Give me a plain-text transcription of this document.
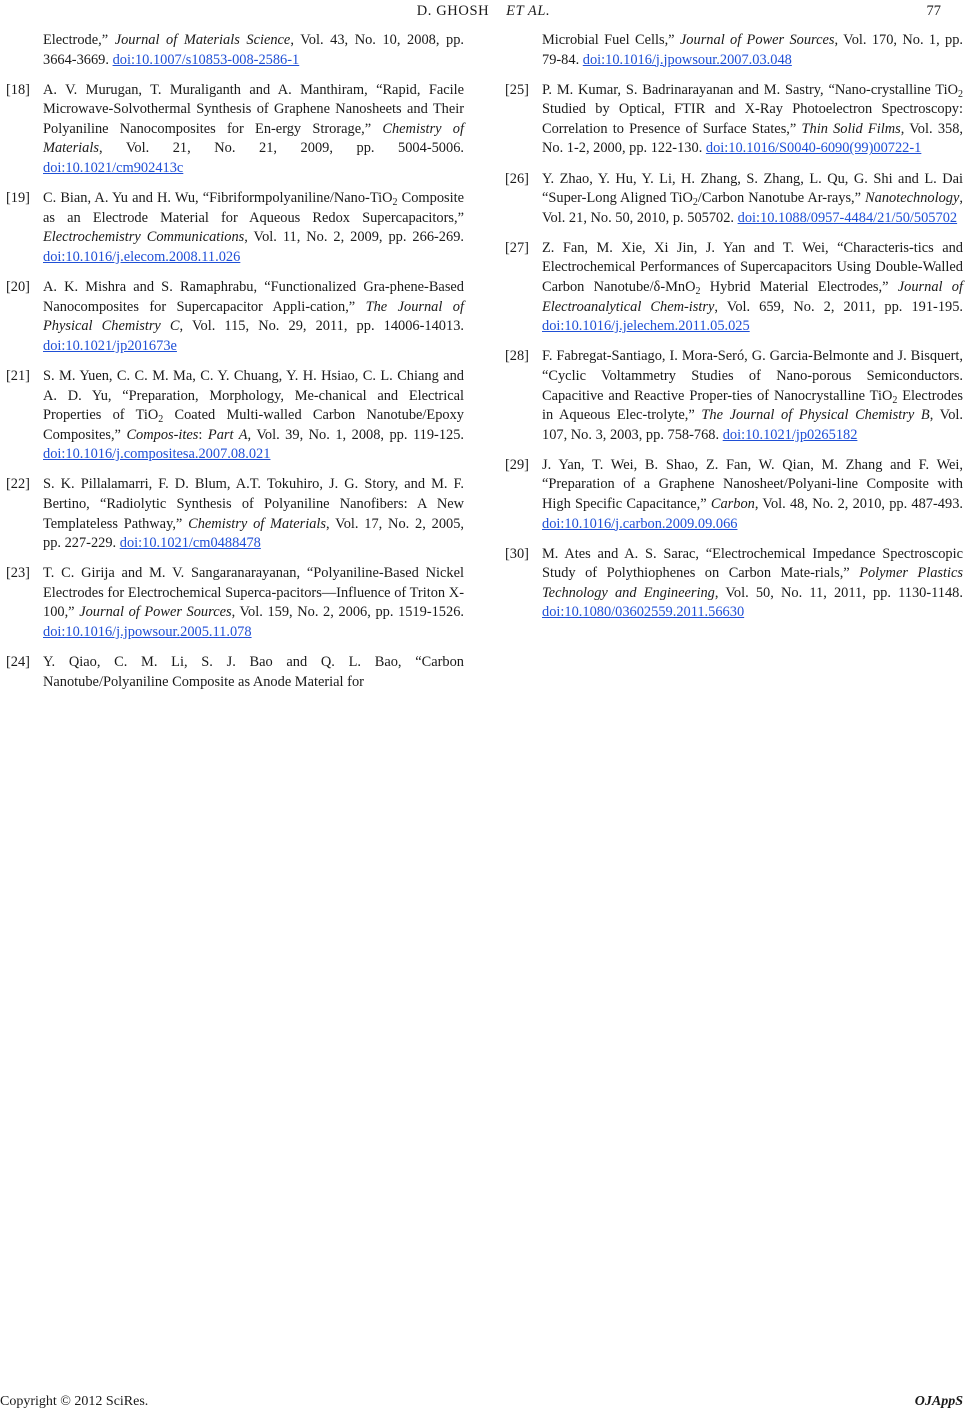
D. GHOSH ET AL.	77
Electrode,” Journal of Materials Science, Vol. 43, No. 10, 2008, pp. 3664-3669. doi:10.1007/s10853-008-2586-1
[18] A. V. Murugan, T. Muraliganth and A. Manthiram, “Rapid, Facile Microwave-Solvothermal Synthesis of Graphene Nanosheets and Their Polyaniline Nanocomposites for En-ergy Strorage,” Chemistry of Materials, Vol. 21, No. 21, 2009, pp. 5004-5006. doi:10.1021/cm902413c
[19] C. Bian, A. Yu and H. Wu, “Fibriformpolyaniline/Nano-TiO$_2$ Composite as an Electrode Material for Aqueous Redox Supercapacitors,” Electrochemistry Communications, Vol. 11, No. 2, 2009, pp. 266-269. doi:10.1016/j.elecom.2008.11.026
[20] A. K. Mishra and S. Ramaphrabu, “Functionalized Gra-phene-Based Nanocomposites for Supercapacitor Appli-cation,” The Journal of Physical Chemistry C, Vol. 115, No. 29, 2011, pp. 14006-14013. doi:10.1021/jp201673e
[21] S. M. Yuen, C. C. M. Ma, C. Y. Chuang, Y. H. Hsiao, C. L. Chiang and A. D. Yu, “Preparation, Morphology, Me-chanical and Electrical Properties of TiO$_2$ Coated Multi-walled Carbon Nanotube/Epoxy Composites,” Compos-ites: Part A, Vol. 39, No. 1, 2008, pp. 119-125. doi:10.1016/j.compositesa.2007.08.021
[22] S. K. Pillalamarri, F. D. Blum, A.T. Tokuhiro, J. G. Story, and M. F. Bertino, “Radiolytic Synthesis of Polyaniline Nanofibers: A New Templateless Pathway,” Chemistry of Materials, Vol. 17, No. 2, 2005, pp. 227-229. doi:10.1021/cm0488478
[23] T. C. Girija and M. V. Sangaranarayanan, “Polyaniline-Based Nickel Electrodes for Electrochemical Superca-pacitors—Influence of Triton X-100,” Journal of Power Sources, Vol. 159, No. 2, 2006, pp. 1519-1526. doi:10.1016/j.jpowsour.2005.11.078
[24] Y. Qiao, C. M. Li, S. J. Bao and Q. L. Bao, “Carbon Nanotube/Polyaniline Composite as Anode Material for
Microbial Fuel Cells,” Journal of Power Sources, Vol. 170, No. 1, pp. 79-84. doi:10.1016/j.jpowsour.2007.03.048
[25] P. M. Kumar, S. Badrinarayanan and M. Sastry, “Nano-crystalline TiO$_2$ Studied by Optical, FTIR and X-Ray Photoelectron Spectroscopy: Correlation to Presence of Surface States,” Thin Solid Films, Vol. 358, No. 1-2, 2000, pp. 122-130. doi:10.1016/S0040-6090(99)00722-1
[26] Y. Zhao, Y. Hu, Y. Li, H. Zhang, S. Zhang, L. Qu, G. Shi and L. Dai “Super-Long Aligned TiO$_2$/Carbon Nanotube Ar-rays,” Nanotechnology, Vol. 21, No. 50, 2010, p. 505702. doi:10.1088/0957-4484/21/50/505702
[27] Z. Fan, M. Xie, Xi Jin, J. Yan and T. Wei, “Characteris-tics and Electrochemical Performances of Supercapacitors Using Double-Walled Carbon Nanotube/δ-MnO$_2$ Hybrid Material Electrodes,” Journal of Electroanalytical Chem-istry, Vol. 659, No. 2, 2011, pp. 191-195. doi:10.1016/j.jelechem.2011.05.025
[28] F. Fabregat-Santiago, I. Mora-Seró, G. Garcia-Belmonte and J. Bisquert, “Cyclic Voltammetry Studies of Nano-porous Semiconductors. Capacitive and Reactive Proper-ties of Nanocrystalline TiO$_2$ Electrodes in Aqueous Elec-trolyte,” The Journal of Physical Chemistry B, Vol. 107, No. 3, 2003, pp. 758-768. doi:10.1021/jp0265182
[29] J. Yan, T. Wei, B. Shao, Z. Fan, W. Qian, M. Zhang and F. Wei, “Preparation of a Graphene Nanosheet/Polyani-line Composite with High Specific Capacitance,” Carbon, Vol. 48, No. 2, 2010, pp. 487-493. doi:10.1016/j.carbon.2009.09.066
[30] M. Ates and A. S. Sarac, “Electrochemical Impedance Spectroscopic Study of Polythiophenes on Carbon Mate-rials,” Polymer Plastics Technology and Engineering, Vol. 50, No. 11, 2011, pp. 1130-1148. doi:10.1080/03602559.2011.56630
Copyright © 2012 SciRes.	OJAppS
